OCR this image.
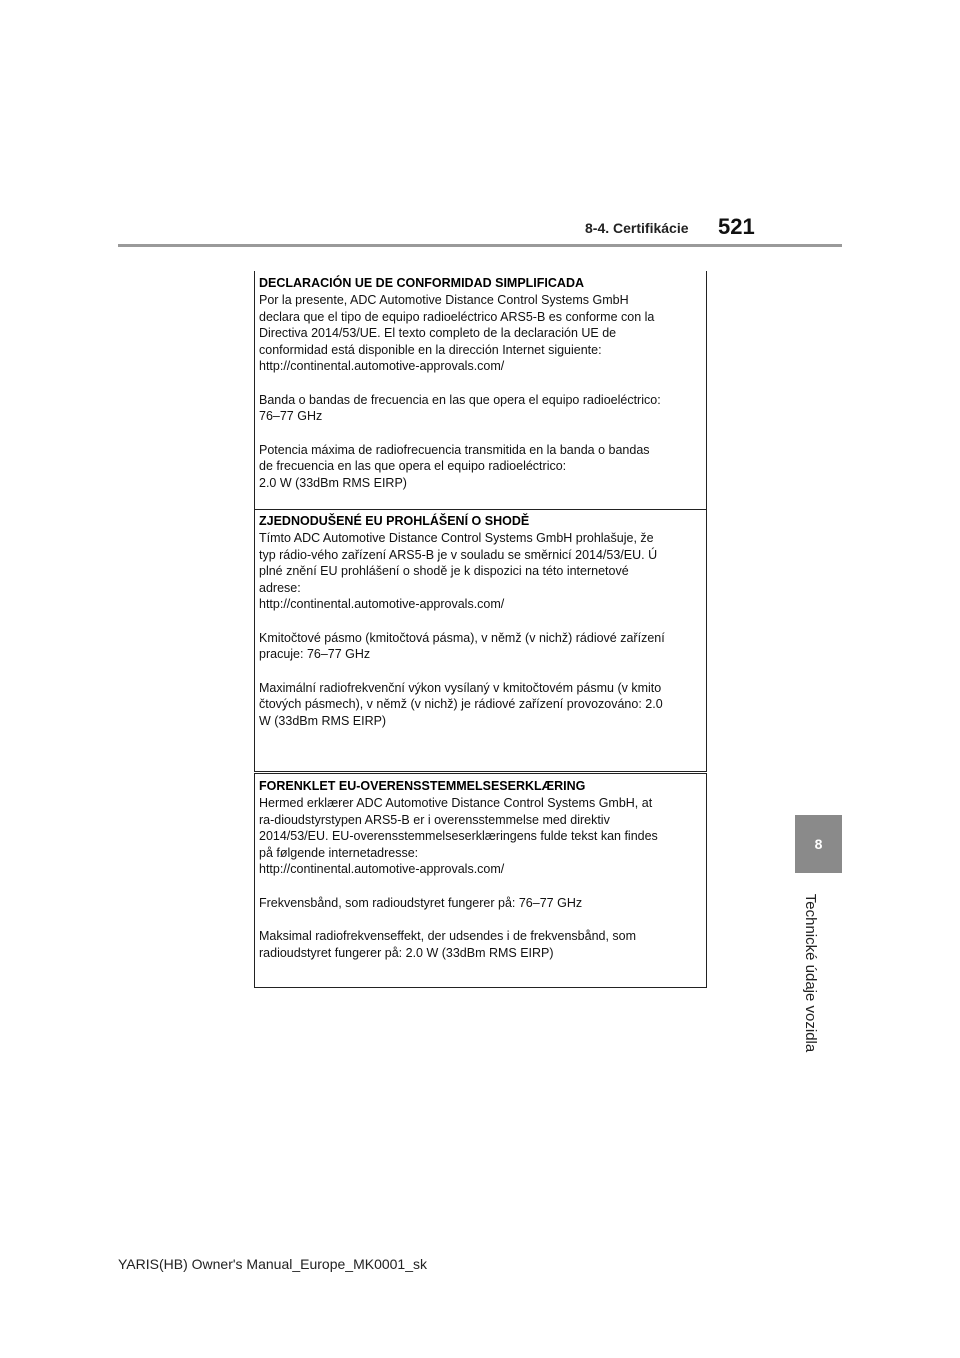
8-4. Certifikácie 521
8
Technické údaje vozidla

DECLARACIÓN UE DE CONFORMIDAD SIMPLIFICADA

Por la presente, ADC Automotive Distance Control Systems GmbH
declara que el tipo de equipo radioeléctrico ARS5-B es conforme con la
Directiva 2014/53/UE. El texto completo de la declaración UE de
conformidad está disponible en la dirección Internet siguiente:
http://continental.automotive-approvals.com/

Banda o bandas de frecuencia en las que opera el equipo radioeléctrico:
76–77 GHz

Potencia máxima de radiofrecuencia transmitida en la banda o bandas
de frecuencia en las que opera el equipo radioeléctrico:
2.0 W (33dBm RMS EIRP)

ZJEDNODUŠENÉ EU PROHLÁŠENÍ O SHODĚ

Tímto ADC Automotive Distance Control Systems GmbH prohlašuje, že
typ rádio-vého zařízení ARS5-B je v souladu se směrnicí 2014/53/EU. Ú
plné znění EU prohlášení o shodě je k dispozici na této internetové
adrese:
http://continental.automotive-approvals.com/

Kmitočtové pásmo (kmitočtová pásma), v němž (v nichž) rádiové zařízení
pracuje: 76–77 GHz

Maximální radiofrekvenční výkon vysílaný v kmitočtovém pásmu (v kmito
čtových pásmech), v němž (v nichž) je rádiové zařízení provozováno: 2.0
W (33dBm RMS EIRP)

FORENKLET EU-OVERENSSTEMMELSESERKLÆRING

Hermed erklærer ADC Automotive Distance Control Systems GmbH, at
ra-dioudstyrstypen ARS5-B er i overensstemmelse med direktiv
2014/53/EU. EU-overensstemmelseserklæringens fulde tekst kan findes
på følgende internetadresse:
http://continental.automotive-approvals.com/

Frekvensbånd, som radioudstyret fungerer på: 76–77 GHz

Maksimal radiofrekvenseffekt, der udsendes i de frekvensbånd, som
radioudstyret fungerer på: 2.0 W (33dBm RMS EIRP)

YARIS(HB) Owner's Manual_Europe_MK0001_sk
